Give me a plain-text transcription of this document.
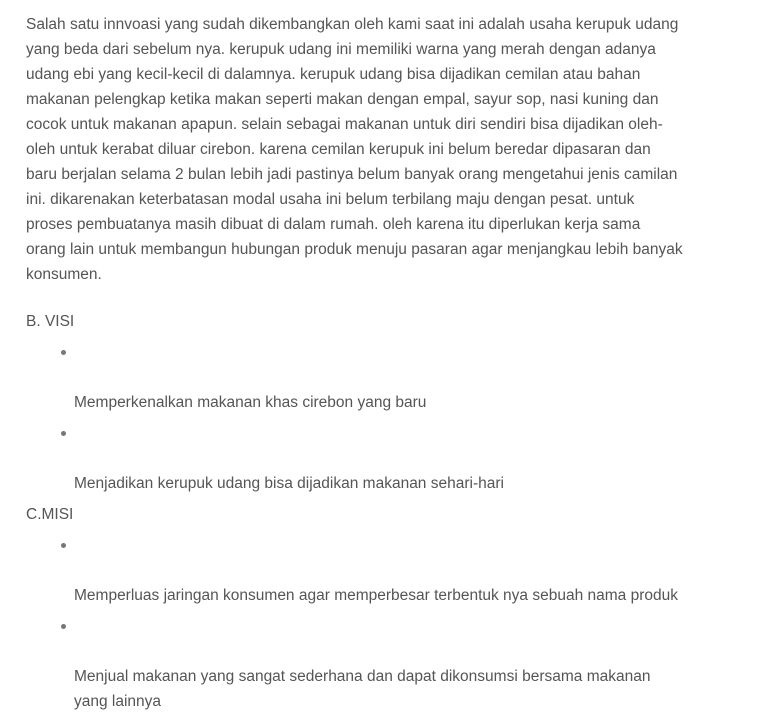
Salah satu innvoasi yang sudah dikembangkan oleh kami saat ini adalah usaha kerupuk udang
yang beda dari sebelum nya. kerupuk udang ini memiliki warna yang merah dengan adanya
udang ebi yang kecil-kecil di dalamnya. kerupuk udang bisa dijadikan cemilan atau bahan
makanan pelengkap ketika makan seperti makan dengan empal, sayur sop, nasi kuning dan
cocok untuk makanan apapun. selain sebagai makanan untuk diri sendiri bisa dijadikan oleh-
oleh untuk kerabat diluar cirebon. karena cemilan kerupuk ini belum beredar dipasaran dan
baru berjalan selama 2 bulan lebih jadi pastinya belum banyak orang mengetahui jenis camilan
ini. dikarenakan keterbatasan modal usaha ini belum terbilang maju dengan pesat. untuk
proses pembuatanya masih dibuat di dalam rumah. oleh karena itu diperlukan kerja sama
orang lain untuk membangun hubungan produk menuju pasaran agar menjangkau lebih banyak
konsumen.

B. VISI

Memperkenalkan makanan khas cirebon yang baru

Menjadikan kerupuk udang bisa dijadikan makanan sehari-hari

C.MISI

Memperluas jaringan konsumen agar memperbesar terbentuk nya sebuah nama produk

Menjual makanan yang sangat sederhana dan dapat dikonsumsi bersama makanan
yang lainnya
